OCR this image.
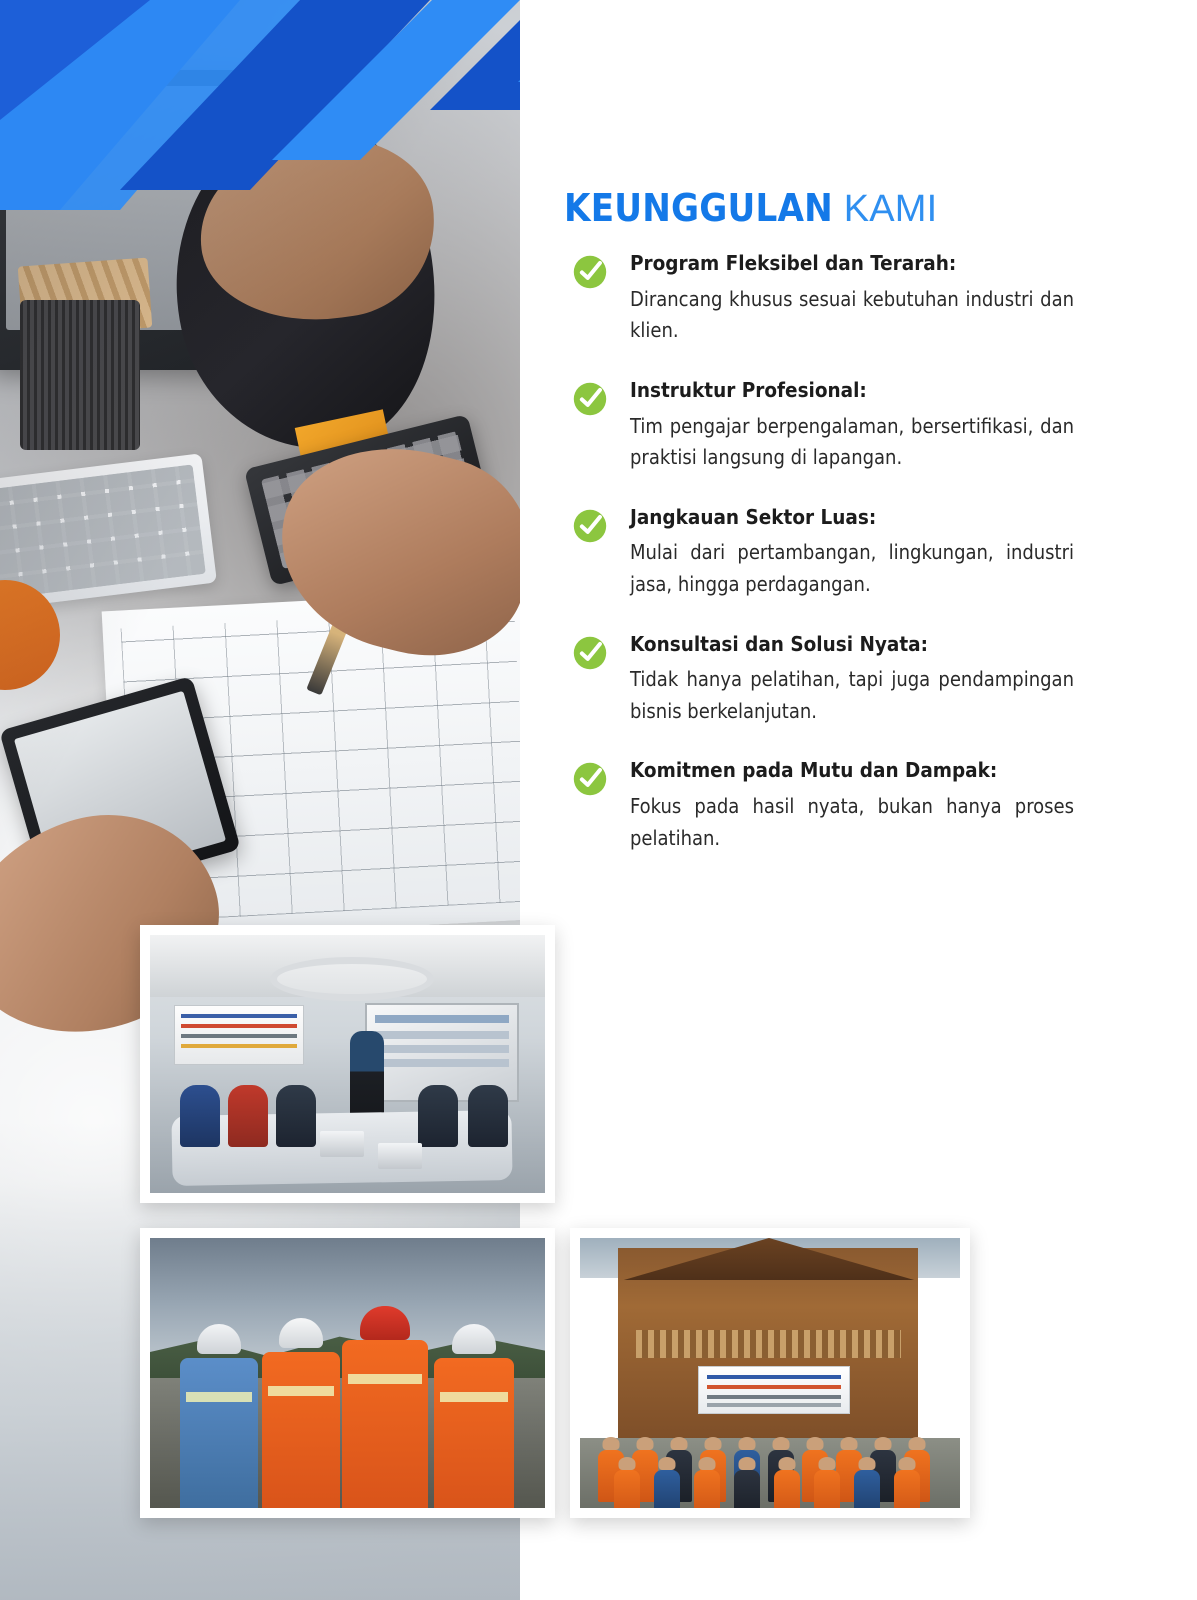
KEUNGGULAN KAMI

Program Fleksibel dan Terarah:

Dirancang khusus sesuai kebutuhan industri dan klien.

Instruktur Profesional:

Tim pengajar berpengalaman, bersertifikasi, dan praktisi langsung di lapangan.

Jangkauan Sektor Luas:

Mulai dari pertambangan, lingkungan, industri jasa, hingga perdagangan.

Konsultasi dan Solusi Nyata:

Tidak hanya pelatihan, tapi juga pendampingan bisnis berkelanjutan.

Komitmen pada Mutu dan Dampak:

Fokus pada hasil nyata, bukan hanya proses pelatihan.
